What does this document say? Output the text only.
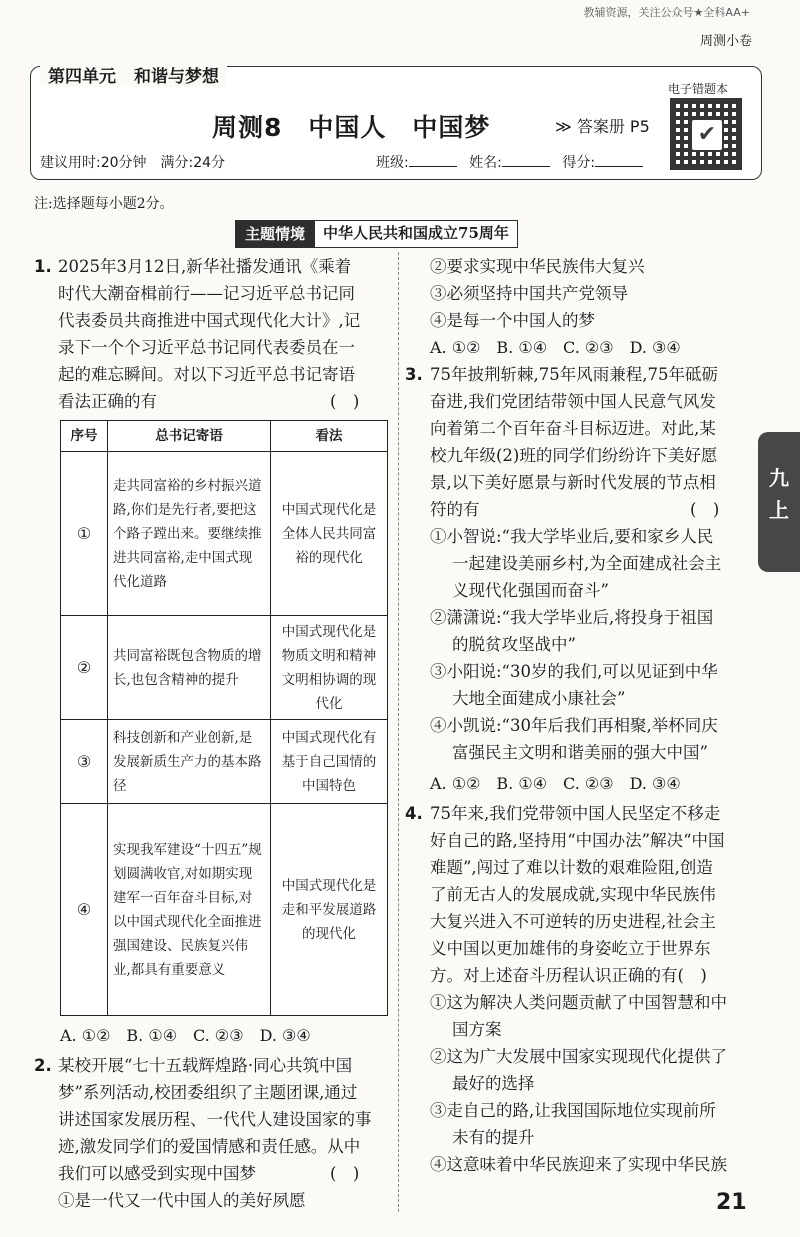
教辅资源，关注公众号★全科AA+
周测小卷
第四单元 和谐与梦想
周测8　中国人　中国梦	≫ 答案册 P5
电子错题本
✔
建议用时:20分钟　满分:24分	班级:	姓名:	得分:
注:选择题每小题2分。
主题情境	中华人民共和国成立75周年
1. 2025年3月12日,新华社播发通讯《乘着
时代大潮奋楫前行——记习近平总书记同
代表委员共商推进中国式现代化大计》,记
录下一个个习近平总书记同代表委员在一
起的难忘瞬间。对以下习近平总书记寄语
看法正确的有	(　)
序号	总书记寄语	看法
①	走共同富裕的乡村振兴道路,你们是先行者,要把这个路子蹚出来。要继续推进共同富裕,走中国式现代化道路	中国式现代化是全体人民共同富裕的现代化
②	共同富裕既包含物质的增长,也包含精神的提升	中国式现代化是物质文明和精神文明相协调的现代化
③	科技创新和产业创新,是发展新质生产力的基本路径	中国式现代化有基于自己国情的中国特色
④	实现我军建设“十四五”规划圆满收官,对如期实现建军一百年奋斗目标,对以中国式现代化全面推进强国建设、民族复兴伟业,都具有重要意义	中国式现代化是走和平发展道路的现代化
A. ①②　B. ①④　C. ②③　D. ③④
2. 某校开展“七十五载辉煌路·同心共筑中国
梦”系列活动,校团委组织了主题团课,通过
讲述国家发展历程、一代代人建设国家的事
迹,激发同学们的爱国情感和责任感。从中
我们可以感受到实现中国梦	(　)
①是一代又一代中国人的美好夙愿
②要求实现中华民族伟大复兴
③必须坚持中国共产党领导
④是每一个中国人的梦
A. ①②　B. ①④　C. ②③　D. ③④
3. 75年披荆斩棘,75年风雨兼程,75年砥砺
奋进,我们党团结带领中国人民意气风发
向着第二个百年奋斗目标迈进。对此,某
校九年级(2)班的同学们纷纷许下美好愿
景,以下美好愿景与新时代发展的节点相
符的有	(　)
①小智说:“我大学毕业后,要和家乡人民
一起建设美丽乡村,为全面建成社会主
义现代化强国而奋斗”
②潇潇说:“我大学毕业后,将投身于祖国
的脱贫攻坚战中”
③小阳说:“30岁的我们,可以见证到中华
大地全面建成小康社会”
④小凯说:“30年后我们再相聚,举杯同庆
富强民主文明和谐美丽的强大中国”
A. ①②　B. ①④　C. ②③　D. ③④
4. 75年来,我们党带领中国人民坚定不移走
好自己的路,坚持用“中国办法”解决“中国
难题”,闯过了难以计数的艰难险阻,创造
了前无古人的发展成就,实现中华民族伟
大复兴进入不可逆转的历史进程,社会主
义中国以更加雄伟的身姿屹立于世界东
方。对上述奋斗历程认识正确的有(　)
①这为解决人类问题贡献了中国智慧和中
国方案
②这为广大发展中国家实现现代化提供了
最好的选择
③走自己的路,让我国国际地位实现前所
未有的提升
④这意味着中华民族迎来了实现中华民族
九
上
21
